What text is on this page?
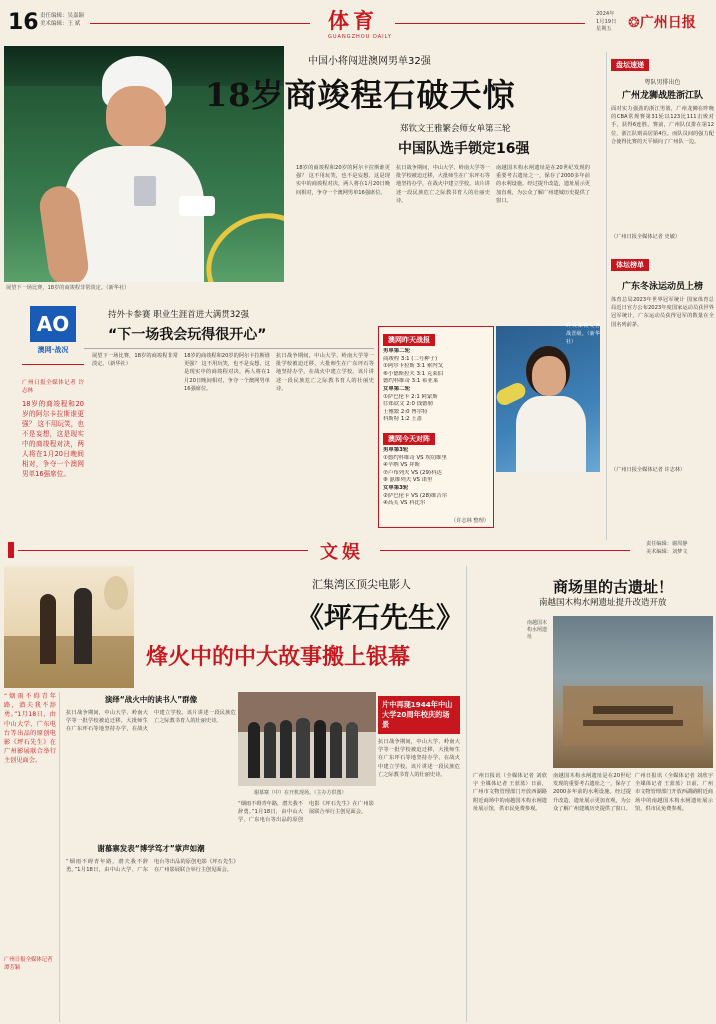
16 责任编辑：吴嘉颖
美术编辑：王 斌	体育
GUANGZHOU DAILY
2024年
1月19日
星期五	❂广州日报
展望下一场比赛，18岁的商竣程非常淡定。（新华社）
中国小将闯进澳网男单32强
18岁商竣程石破天惊
郑钦文王雅繁会师女单第三轮
中国队选手锁定16强
18岁的商竣程和20岁的阿尔卡拉斯谁更强？ 这不用玩笑，也不是妄想，这是现实中的商竣程对决，两人将在1月20日晚间相对，争夺一个澳网男单16强席位。
抗日战争期间，中山大学、岭南大学等一批学校被迫迁移，大批师生在广东坪石等地坚持办学，在战火中建立学校。该片讲述一段民族危亡之际教书育人的壮丽史诗。
南越国木构水闸遗址是在20世纪发现的重要考古遗址之一，保存了2000多年前的水利设施。经过提升改造，遗址展示更加直观，为公众了解广州建城历史提供了窗口。
澳网昨天战报
男单第二轮
商竣程 3:1 (二号种子)
①阿尔卡拉斯 3:1 索内戈
⑥小德斯拉夫 3:1 克莱伯
德约科维奇 3:1 希亚莱
女单第二轮
①萨巴伦卡 2:1 阿蒙斯
⑫郑钦文 2:0 钱德勒
王雅繁 2:0 博尔特
科斯特 1:2 王蔷
澳网今天对阵
男单第3轮
①德约科维奇 VS 埃切维里
④辛纳 VS 拜斯
⑦卢布列夫 VS (29)科达
⑧ 兹维列夫 VS 诺里
女单第3轮
②萨巴伦卡 VS (28)维吉尔
④高芙 VS 科比尔
（许志林 整理）
昨天郑钦文苦战晋级。（新华社）
AO
澳网·战况
持外卡参赛 职业生涯首进大满贯32强
“下一场我会玩得很开心”
广州日报全媒体记者 许志林
18岁的商竣程和20岁的阿尔卡拉斯谁更强？ 这不用玩笑，也不是妄想，这是现实中的商竣程对决，两人将在1月20日晚间相对，争夺一个澳网男单16强席位。
展望下一场比赛，18岁的商竣程非常淡定。（新华社）
18岁的商竣程和20岁的阿尔卡拉斯谁更强？ 这不用玩笑，也不是妄想，这是现实中的商竣程对决，两人将在1月20日晚间相对，争夺一个澳网男单16强席位。
抗日战争期间，中山大学、岭南大学等一批学校被迫迁移，大批师生在广东坪石等地坚持办学，在战火中建立学校。该片讲述一段民族危亡之际教书育人的壮丽史诗。
盘坛速递
粤队男排出色
广州龙狮战胜浙江队
面对实力强劲的浙江男篮，广州龙狮在昨晚的CBA常规赛第31轮以123比111击败对手，获得6连胜。赛前，广州队仅排在第12位，浙江队则高居第4位。而队员间的强力配合使得比赛的天平倾向了广州队一边。
（广州日报全媒体记者 史敏）
体坛榜单
广东冬泳运动员上榜
体育总局2023年世界冠军统计 国家体育总局近日官方公布2023年度国家运动员获世界冠军统计，广东运动员获得冠军的数量在全国名列前茅。
（广州日报全媒体记者 许志林）
文娱	责任编辑：谢周静
美术编辑：刘梦文
汇集湾区顶尖电影人
《坪石先生》
烽火中的中大故事搬上银幕
“烟雨不碍青年路，潜夫我不辞勇。”1月18日，由中山大学、广东电台等出品的原创电影《坪石先生》在广州影展联合举行主创见面会。
广州日报全媒体记者 谭芳颖
演绎“战火中的读书人”群像
抗日战争期间，中山大学、岭南大学等一批学校被迫迁移，大批师生在广东坪石等地坚持办学，在战火中建立学校。该片讲述一段民族危亡之际教书育人的壮丽史诗。
谢慕寨发表“博学笃才”掌声如潮
“烟雨不碍青年路，潜夫我不辞勇。”1月18日，由中山大学、广东电台等出品的原创电影《坪石先生》在广州影展联合举行主创见面会。
谢慕寨（中）在开机现场。（主办方供图）
片中再现1944年中山大学20周年校庆的场景
抗日战争期间，中山大学、岭南大学等一批学校被迫迁移，大批师生在广东坪石等地坚持办学，在战火中建立学校。该片讲述一段民族危亡之际教书育人的壮丽史诗。
“烟雨不碍青年路，潜夫我不辞勇。”1月18日，由中山大学、广东电台等出品的原创电影《坪石先生》在广州影展联合举行主创见面会。
商场里的古遗址！
南越国木构水闸遗址提升改造开放
南越国木构水闸遗址
广州日报讯（全媒体记者 刘欣宇 全媒体记者 王蓝蓝）日前，广州市文物管理部门开放西湖路附近商场中的南越国木构水闸遗址展示馆，供市民免费参观。
南越国木构水闸遗址是在20世纪发现的重要考古遗址之一，保存了2000多年前的水利设施。经过提升改造，遗址展示更加直观，为公众了解广州建城历史提供了窗口。
广州日报讯（全媒体记者 刘欣宇 全媒体记者 王蓝蓝）日前，广州市文物管理部门开放西湖路附近商场中的南越国木构水闸遗址展示馆，供市民免费参观。
